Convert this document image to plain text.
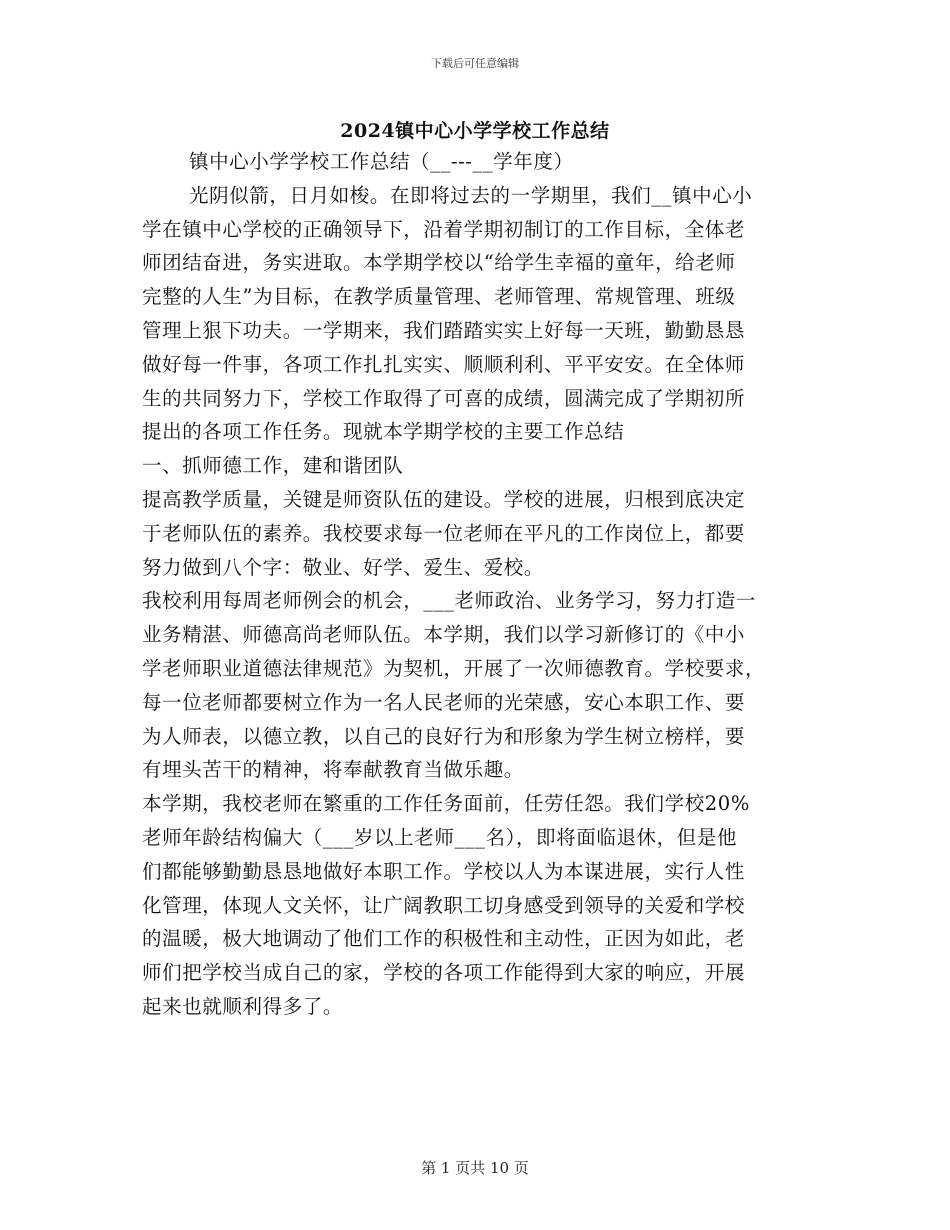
下载后可任意编辑
2024镇中心小学学校工作总结
镇中心小学学校工作总结（__---__学年度）
光阴似箭，日月如梭。在即将过去的一学期里，我们__镇中心小
学在镇中心学校的正确领导下，沿着学期初制订的工作目标，全体老
师团结奋进，务实进取。本学期学校以“给学生幸福的童年，给老师
完整的人生”为目标，在教学质量管理、老师管理、常规管理、班级
管理上狠下功夫。一学期来，我们踏踏实实上好每一天班，勤勤恳恳
做好每一件事，各项工作扎扎实实、顺顺利利、平平安安。在全体师
生的共同努力下，学校工作取得了可喜的成绩，圆满完成了学期初所
提出的各项工作任务。现就本学期学校的主要工作总结
一、抓师德工作，建和谐团队
提高教学质量，关键是师资队伍的建设。学校的进展，归根到底决定
于老师队伍的素养。我校要求每一位老师在平凡的工作岗位上，都要
努力做到八个字：敬业、好学、爱生、爱校。
我校利用每周老师例会的机会，___老师政治、业务学习，努力打造一
业务精湛、师德高尚老师队伍。本学期，我们以学习新修订的《中小
学老师职业道德法律规范》为契机，开展了一次师德教育。学校要求，
每一位老师都要树立作为一名人民老师的光荣感，安心本职工作、要
为人师表，以德立教，以自己的良好行为和形象为学生树立榜样，要
有埋头苦干的精神，将奉献教育当做乐趣。
本学期，我校老师在繁重的工作任务面前，任劳任怨。我们学校20%
老师年龄结构偏大（___岁以上老师___名），即将面临退休，但是他
们都能够勤勤恳恳地做好本职工作。学校以人为本谋进展，实行人性
化管理，体现人文关怀，让广阔教职工切身感受到领导的关爱和学校
的温暖，极大地调动了他们工作的积极性和主动性，正因为如此，老
师们把学校当成自己的家，学校的各项工作能得到大家的响应，开展
起来也就顺利得多了。
第 1 页共 10 页
